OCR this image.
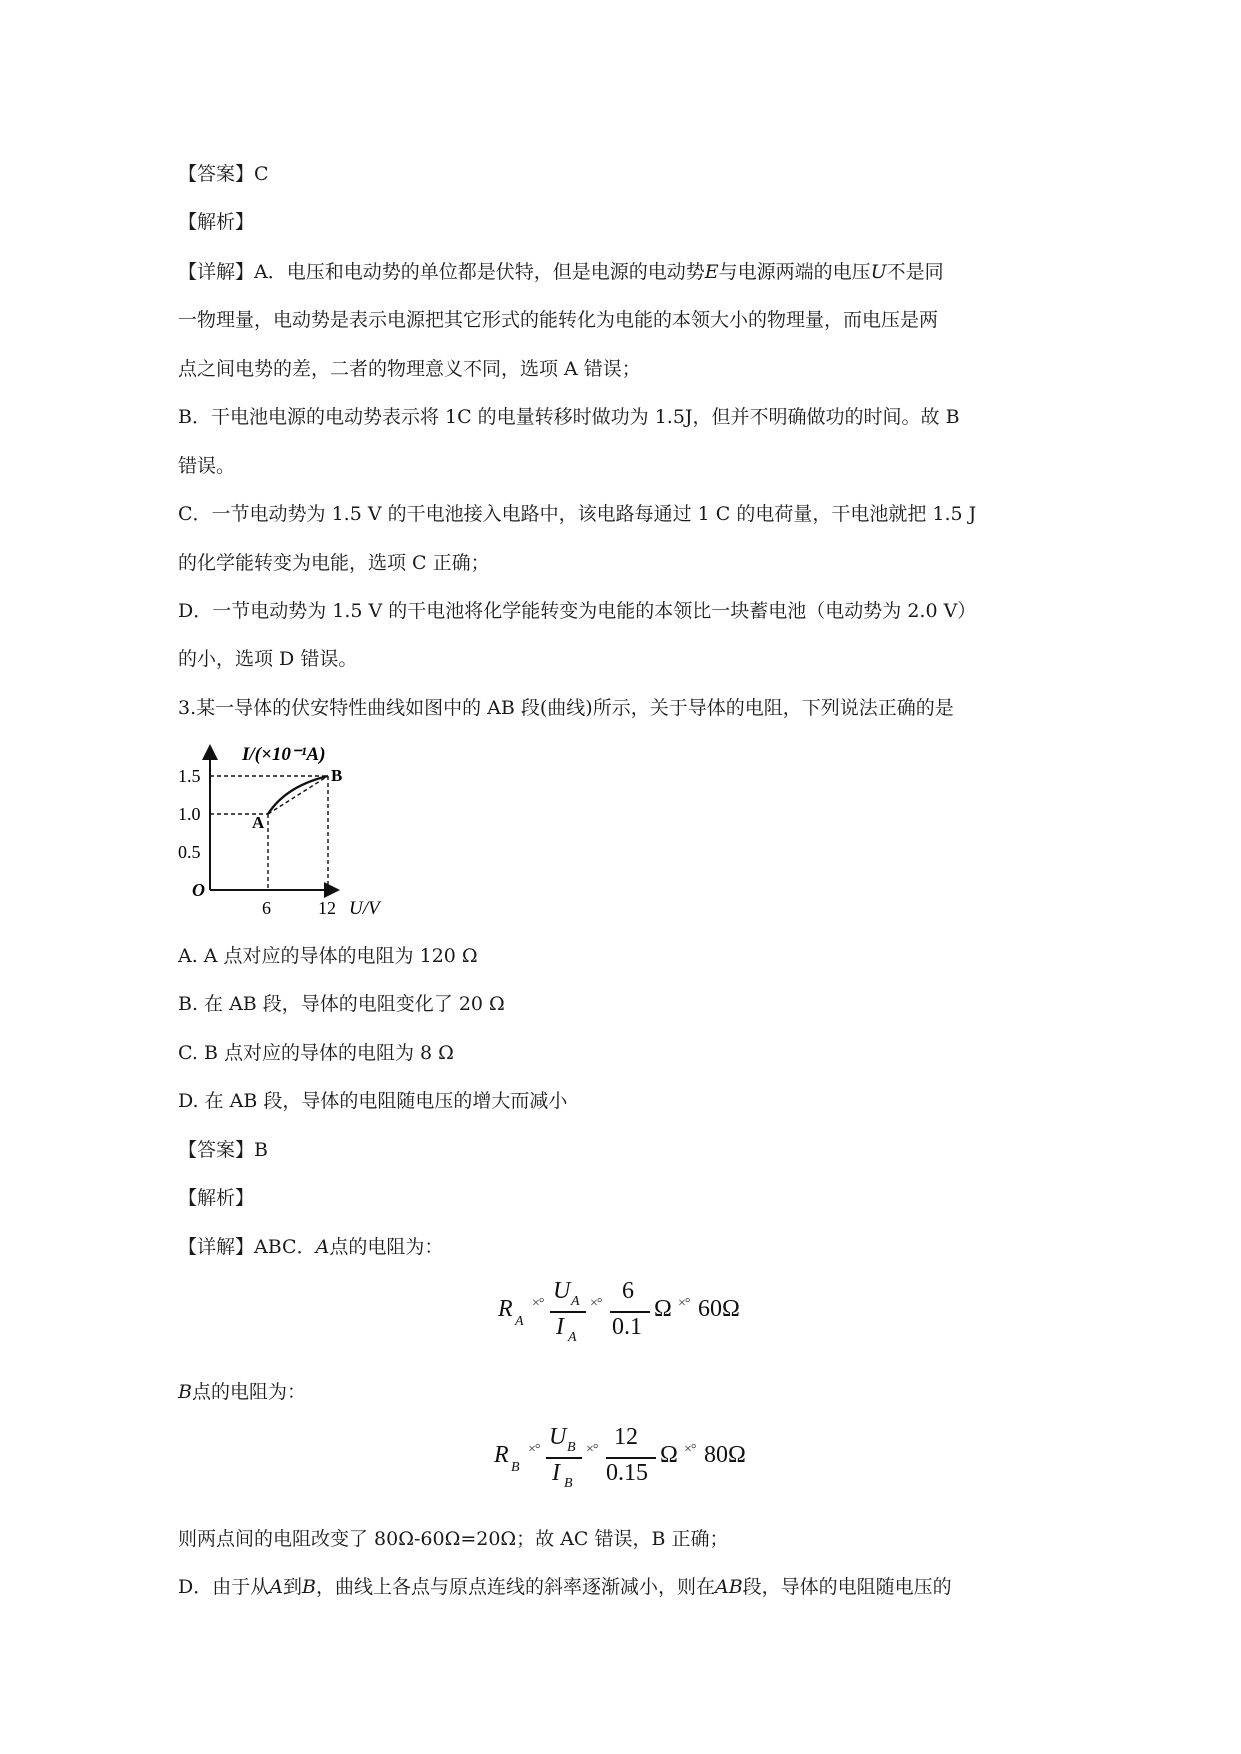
【答案】C
【解析】
【详解】A．电压和电动势的单位都是伏特，但是电源的电动势E与电源两端的电压U不是同
一物理量，电动势是表示电源把其它形式的能转化为电能的本领大小的物理量，而电压是两
点之间电势的差，二者的物理意义不同，选项 A 错误；
B．干电池电源的电动势表示将 1C 的电量转移时做功为 1.5J，但并不明确做功的时间。故 B
错误。
C．一节电动势为 1.5 V 的干电池接入电路中，该电路每通过 1 C 的电荷量，干电池就把 1.5 J
的化学能转变为电能，选项 C 正确；
D．一节电动势为 1.5 V 的干电池将化学能转变为电能的本领比一块蓄电池（电动势为 2.0 V）
的小，选项 D 错误。
3.某一导体的伏安特性曲线如图中的 AB 段(曲线)所示，关于导体的电阻，下列说法正确的是
I/(×10⁻¹A)
1.5
1.0
0.5
O
6	12 U/V
A
B
A. A 点对应的导体的电阻为 120 Ω
B. 在 AB 段，导体的电阻变化了 20 Ω
C. B 点对应的导体的电阻为 8 Ω
D. 在 AB 段，导体的电阻随电压的增大而减小
【答案】B
【解析】
【详解】ABC．A点的电阻为：
R A
×° U A
I A
×° 6
0.1
Ω ×° 60Ω
B点的电阻为：
R B
×° U B
I B
×° 12
0.15
Ω ×° 80Ω
则两点间的电阻改变了 80Ω-60Ω=20Ω；故 AC 错误，B 正确；
D．由于从A到B，曲线上各点与原点连线的斜率逐渐减小，则在AB段，导体的电阻随电压的
